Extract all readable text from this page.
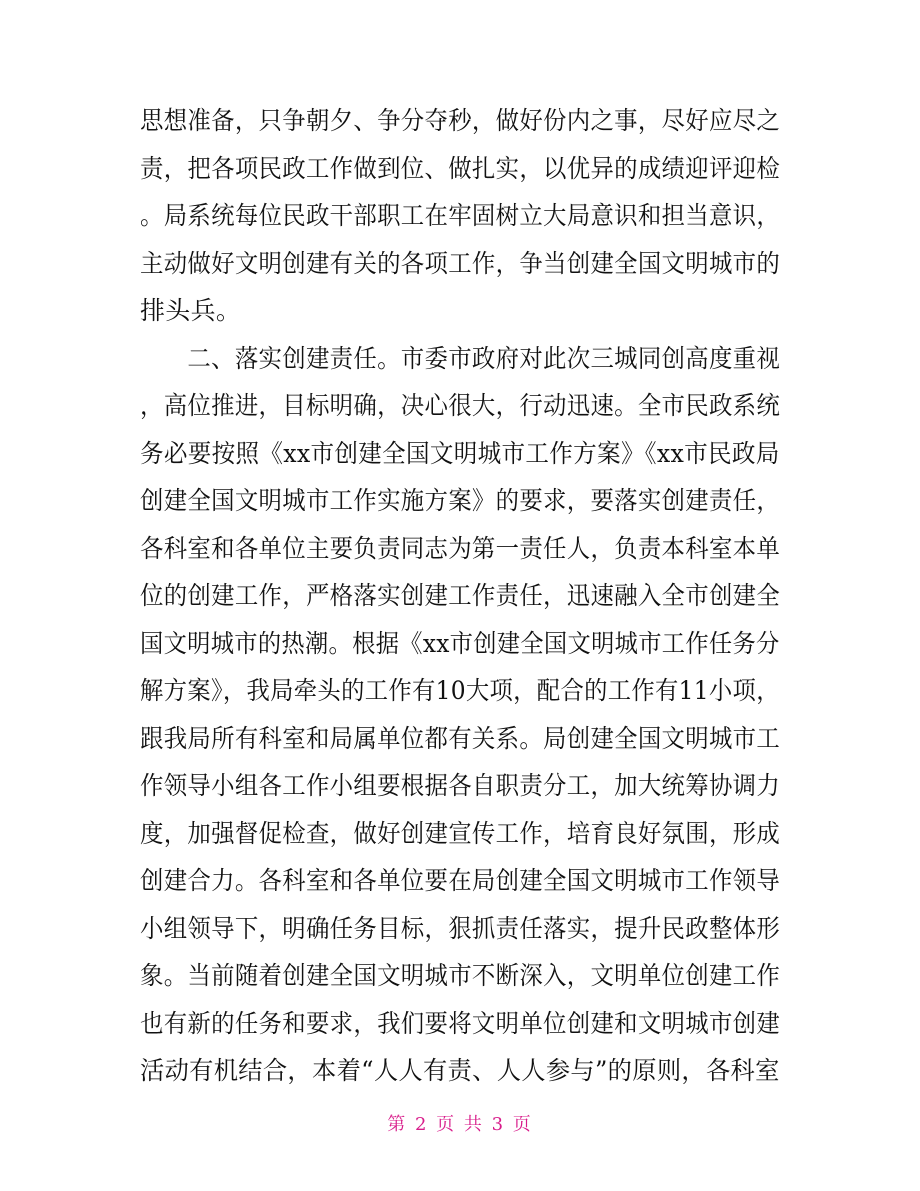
思想准备，只争朝夕、争分夺秒，做好份内之事，尽好应尽之
责，把各项民政工作做到位、做扎实，以优异的成绩迎评迎检
。局系统每位民政干部职工在牢固树立大局意识和担当意识，
主动做好文明创建有关的各项工作，争当创建全国文明城市的
排头兵。
　　二、落实创建责任。市委市政府对此次三城同创高度重视
，高位推进，目标明确，决心很大，行动迅速。全市民政系统
务必要按照《xx市创建全国文明城市工作方案》《xx市民政局
创建全国文明城市工作实施方案》的要求，要落实创建责任，
各科室和各单位主要负责同志为第一责任人，负责本科室本单
位的创建工作，严格落实创建工作责任，迅速融入全市创建全
国文明城市的热潮。根据《xx市创建全国文明城市工作任务分
解方案》，我局牵头的工作有10大项，配合的工作有11小项，
跟我局所有科室和局属单位都有关系。局创建全国文明城市工
作领导小组各工作小组要根据各自职责分工，加大统筹协调力
度，加强督促检查，做好创建宣传工作，培育良好氛围，形成
创建合力。各科室和各单位要在局创建全国文明城市工作领导
小组领导下，明确任务目标，狠抓责任落实，提升民政整体形
象。当前随着创建全国文明城市不断深入，文明单位创建工作
也有新的任务和要求，我们要将文明单位创建和文明城市创建
活动有机结合，本着“人人有责、人人参与”的原则，各科室
第 2 页 共 3 页
